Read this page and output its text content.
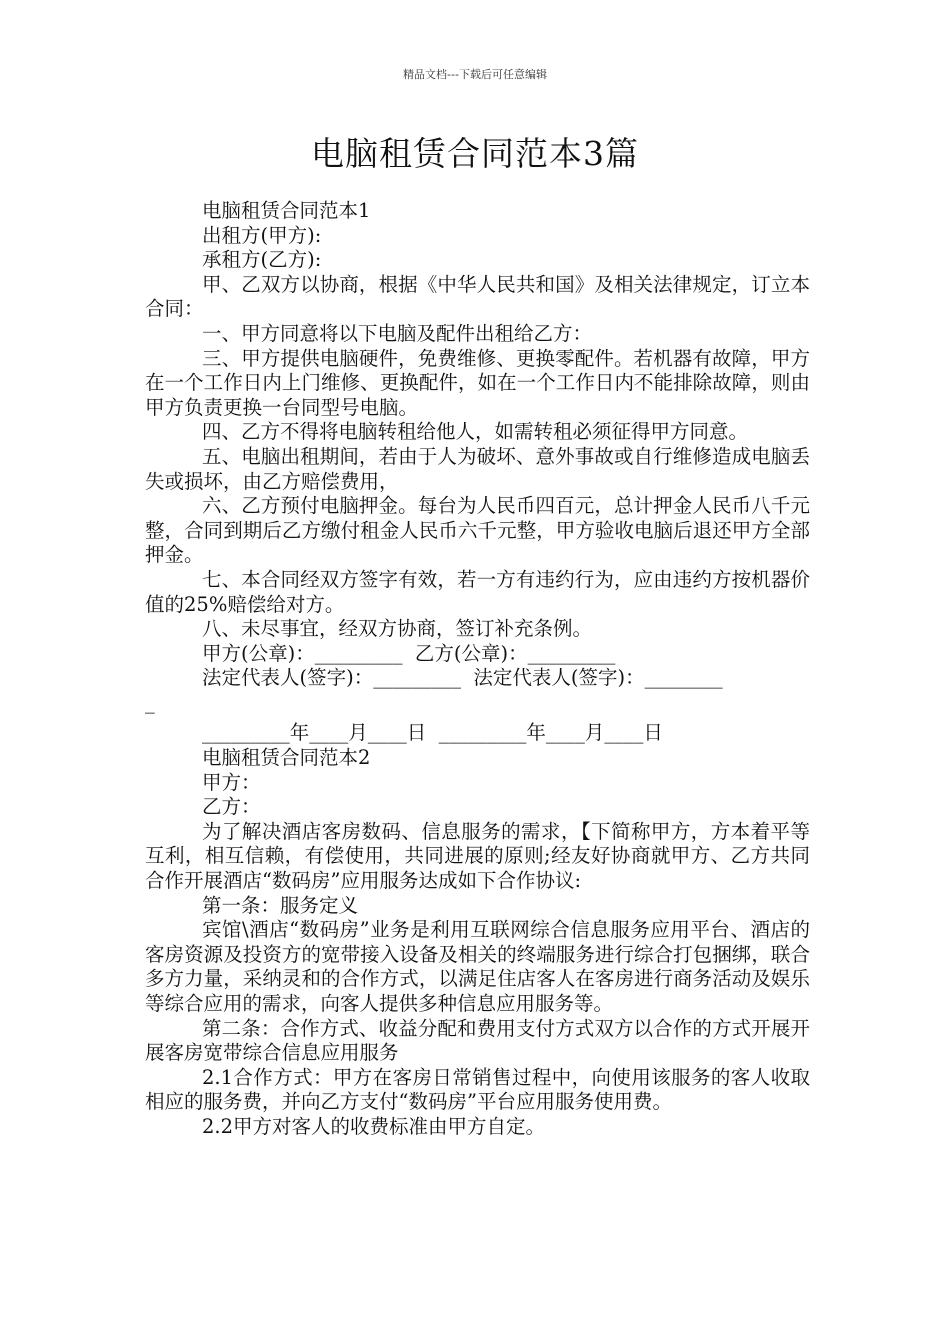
精品文档---下载后可任意编辑
电脑租赁合同范本3篇

电脑租赁合同范本1

出租方(甲方):

承租方(乙方):

甲、乙双方以协商，根据《中华人民共和国》及相关法律规定，订立本合同：

一、甲方同意将以下电脑及配件出租给乙方：

三、甲方提供电脑硬件，免费维修、更换零配件。若机器有故障，甲方在一个工作日内上门维修、更换配件，如在一个工作日内不能排除故障，则由甲方负责更换一台同型号电脑。

四、乙方不得将电脑转租给他人，如需转租必须征得甲方同意。

五、电脑出租期间，若由于人为破坏、意外事故或自行维修造成电脑丢失或损坏，由乙方赔偿费用，

六、乙方预付电脑押金。每台为人民币四百元，总计押金人民币八千元整，合同到期后乙方缴付租金人民币六千元整，甲方验收电脑后退还甲方全部押金。

七、本合同经双方签字有效，若一方有违约行为，应由违约方按机器价值的25%赔偿给对方。

八、未尽事宜，经双方协商，签订补充条例。

甲方(公章)：_________  乙方(公章)：_________

法定代表人(签字)：_________  法定代表人(签字)：________

_

_________年____月____日  _________年____月____日

电脑租赁合同范本2

甲方：

乙方：

为了解决酒店客房数码、信息服务的需求，【下简称甲方，方本着平等互利，相互信赖，有偿使用，共同进展的原则;经友好协商就甲方、乙方共同合作开展酒店“数码房”应用服务达成如下合作协议:

第一条：服务定义

宾馆\酒店“数码房”业务是利用互联网综合信息服务应用平台、酒店的客房资源及投资方的宽带接入设备及相关的终端服务进行综合打包捆绑，联合多方力量，采纳灵和的合作方式，以满足住店客人在客房进行商务活动及娱乐等综合应用的需求，向客人提供多种信息应用服务等。

第二条：合作方式、收益分配和费用支付方式双方以合作的方式开展开展客房宽带综合信息应用服务

2.1合作方式：甲方在客房日常销售过程中，向使用该服务的客人收取相应的服务费，并向乙方支付“数码房”平台应用服务使用费。

2.2甲方对客人的收费标准由甲方自定。
